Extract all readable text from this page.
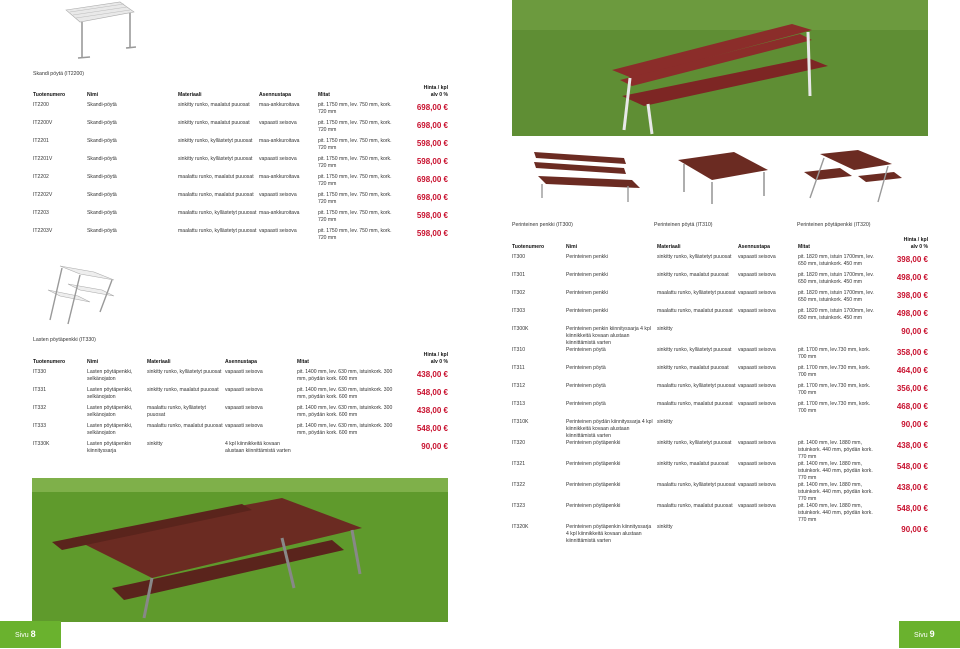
Skandi pöytä (IT2200)
Tuotenumero	Nimi	Materiaali	Asennustapa	Mitat	Hinta / kpl
alv 0 %
IT2200	Skandi-pöytä	sinkitty runko, maalatut puuosat	maa-ankkuroitava	pit. 1750 mm, lev. 750 mm, kork. 720 mm	698,00 €
IT2200V	Skandi-pöytä	sinkitty runko, maalatut puuosat	vapaasti seisova	pit. 1750 mm, lev. 750 mm, kork. 720 mm	698,00 €
IT2201	Skandi-pöytä	sinkitty runko, kyllästetyt puuosat	maa-ankkuroitava	pit. 1750 mm, lev. 750 mm, kork. 720 mm	598,00 €
IT2201V	Skandi-pöytä	sinkitty runko, kyllästetyt puuosat	vapaasti seisova	pit. 1750 mm, lev. 750 mm, kork. 720 mm	598,00 €
IT2202	Skandi-pöytä	maalattu runko, maalatut puuosat	maa-ankkuroitava	pit. 1750 mm, lev. 750 mm, kork. 720 mm	698,00 €
IT2202V	Skandi-pöytä	maalattu runko, maalatut puuosat	vapaasti seisova	pit. 1750 mm, lev. 750 mm, kork. 720 mm	698,00 €
IT2203	Skandi-pöytä	maalattu runko, kyllästetyt puuosat	maa-ankkuroitava	pit. 1750 mm, lev. 750 mm, kork. 720 mm	598,00 €
IT2203V	Skandi-pöytä	maalattu runko, kyllästetyt puuosat	vapaasti seisova	pit. 1750 mm, lev. 750 mm, kork. 720 mm	598,00 €
Lasten pöytäpenkki (IT330)
Tuotenumero	Nimi	Materiaali	Asennustapa	Mitat	Hinta / kpl
alv 0 %
IT330	Lasten pöytäpenkki, selkänojaton	sinkitty runko, kyllästetyt puuosat	vapaasti seisova	pit. 1400 mm, lev. 630 mm, istuinkork. 300 mm, pöydän kork. 600 mm	438,00 €
IT331	Lasten pöytäpenkki, selkänojaton	sinkitty runko, maalatut puuosat	vapaasti seisova	pit. 1400 mm, lev. 630 mm, istuinkork. 300 mm, pöydän kork. 600 mm	548,00 €
IT332	Lasten pöytäpenkki, selkänojaton	maalattu runko, kyllästetyt puuosat	vapaasti seisova	pit. 1400 mm, lev. 630 mm, istuinkork. 300 mm, pöydän kork. 600 mm	438,00 €
IT333	Lasten pöytäpenkki, selkänojaton	maalattu runko, maalatut puuosat	vapaasti seisova	pit. 1400 mm, lev. 630 mm, istuinkork. 300 mm, pöydän kork. 600 mm	548,00 €
IT330K	Lasten pöytäpenkin kiinnityssarja	sinkitty	4 kpl kiinnikkeitä kovaan alustaan kiinnittämistä varten		90,00 €
Sivu 8
Perinteinen penkki (IT300)	Perinteinen pöytä (IT310)	Perinteinen pöytäpenkki (IT320)
Tuotenumero	Nimi	Materiaali	Asennustapa	Mitat	Hinta / kpl
alv 0 %
IT300	Perinteinen penkki	sinkitty runko, kyllästetyt puuosat	vapaasti seisova	pit. 1820 mm, istuin 1700mm, lev. 650 mm, istuinkork. 450 mm	398,00 €
IT301	Perinteinen penkki	sinkitty runko, maalatut puuosat	vapaasti seisova	pit. 1820 mm, istuin 1700mm, lev. 650 mm, istuinkork. 450 mm	498,00 €
IT302	Perinteinen penkki	maalattu runko, kyllästetyt puuosat	vapaasti seisova	pit. 1820 mm, istuin 1700mm, lev. 650 mm, istuinkork. 450 mm	398,00 €
IT303	Perinteinen penkki	maalattu runko, maalatut puuosat	vapaasti seisova	pit. 1820 mm, istuin 1700mm, lev. 650 mm, istuinkork. 450 mm	498,00 €
IT300K	Perinteinen penkin kiinnityssarja 4 kpl kiinnikkeitä kovaan alustaan kiinnittämistä varten	sinkitty			90,00 €
IT310	Perinteinen pöytä	sinkitty runko, kyllästetyt puuosat	vapaasti seisova	pit. 1700 mm, lev.730 mm, kork. 700 mm	358,00 €
IT311	Perinteinen pöytä	sinkitty runko, maalatut puuosat	vapaasti seisova	pit. 1700 mm, lev.730 mm, kork. 700 mm	464,00 €
IT312	Perinteinen pöytä	maalattu runko, kyllästetyt puuosat	vapaasti seisova	pit. 1700 mm, lev.730 mm, kork. 700 mm	356,00 €
IT313	Perinteinen pöytä	maalattu runko, maalatut puuosat	vapaasti seisova	pit. 1700 mm, lev.730 mm, kork. 700 mm	468,00 €
IT310K	Perinteinen pöydän kiinnityssarja 4 kpl kiinnikkeitä kovaan alustaan kiinnittämistä varten	sinkitty			90,00 €
IT320	Perinteinen pöytäpenkki	sinkitty runko, kyllästetyt puuosat	vapaasti seisova	pit. 1400 mm, lev. 1880 mm, istuinkork. 440 mm, pöydän kork. 770 mm	438,00 €
IT321	Perinteinen pöytäpenkki	sinkitty runko, maalatut puuosat	vapaasti seisova	pit. 1400 mm, lev. 1880 mm, istuinkork. 440 mm, pöydän kork. 770 mm	548,00 €
IT322	Perinteinen pöytäpenkki	maalattu runko, kyllästetyt puuosat	vapaasti seisova	pit. 1400 mm, lev. 1880 mm, istuinkork. 440 mm, pöydän kork. 770 mm	438,00 €
IT323	Perinteinen pöytäpenkki	maalattu runko, maalatut puuosat	vapaasti seisova	pit. 1400 mm, lev. 1880 mm, istuinkork. 440 mm, pöydän kork. 770 mm	548,00 €
IT320K	Perinteinen pöytäpenkin kiinnityssarja 4 kpl kiinnikkeitä kovaan alustaan kiinnittämistä varten	sinkitty			90,00 €
Sivu 9
